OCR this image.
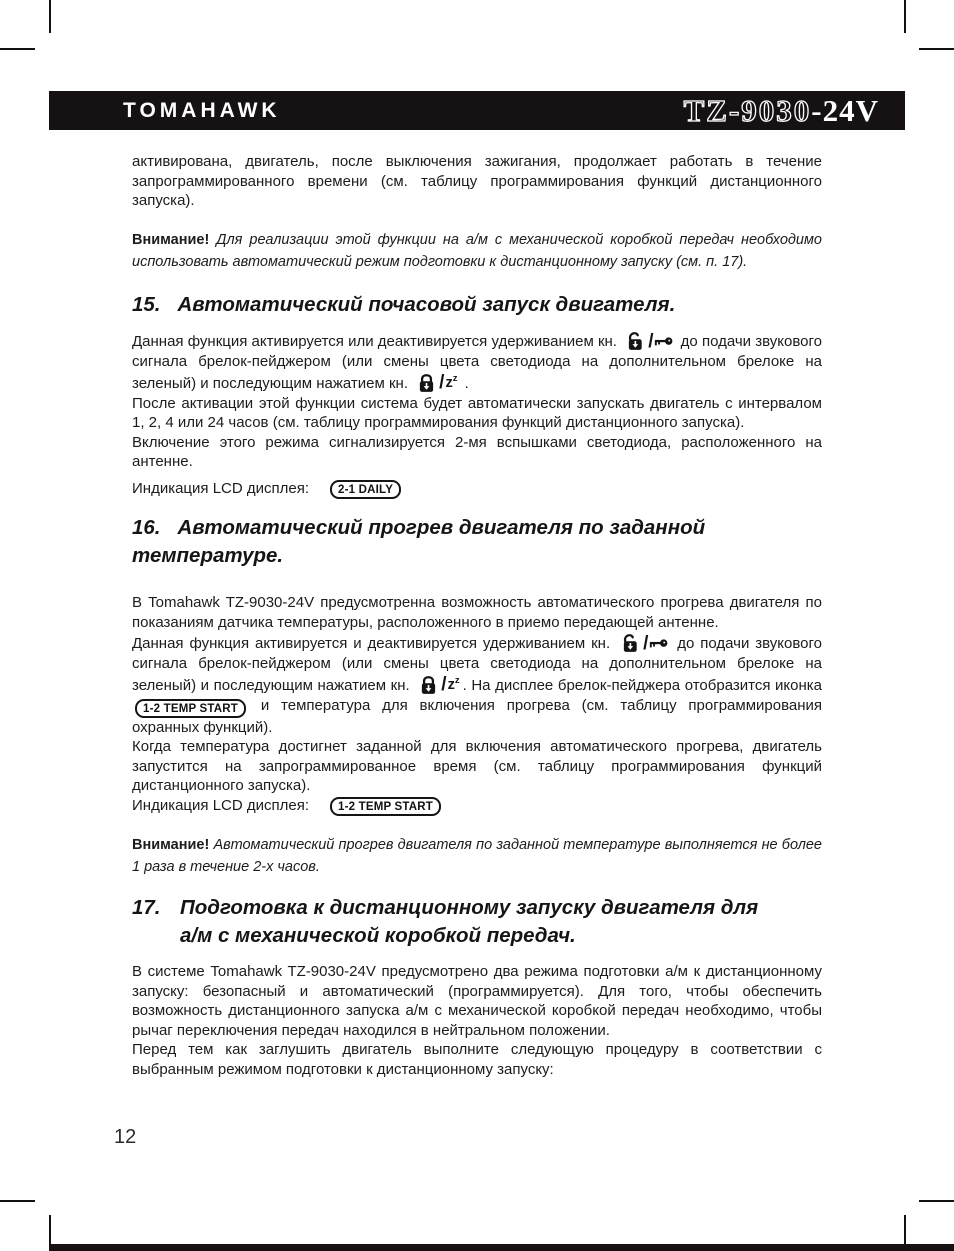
TOMAHAWK	TZ-9030 -24V
активирована, двигатель, после выключения зажигания, продолжает работать в течение запрограммированного времени (см. таблицу программирования функций дистанционного запуска).
Внимание! Для реализации этой функции на а/м с механической коробкой передач необходимо использовать автоматический режим подготовки к дистанционному запуску (см. п. 17).
15. Автоматический почасовой запуск двигателя.

Данная функция активируется или деактивируется удерживанием кн. / до подачи звукового сигнала брелок-пейджером (или смены цвета светодиода на дополнительном брелоке на зеленый) и последующим нажатием кн. / $z^z$ .

После активации этой функции система будет автоматически запускать двигатель с интервалом 1, 2, 4 или 24 часов (см. таблицу программирования функций дистанционного запуска).

Включение этого режима сигнализируется 2-мя вспышками светодиода, расположенного на антенне.

Индикация LCD дисплея:	2-1 DAILY
16. Автоматический прогрев двигателя по заданной
температуре.

В Tomahawk TZ-9030-24V предусмотренна возможность автоматического прогрева двигателя по показаниям датчика температуры, расположенного в приемо передающей антенне.

Данная функция активируется и деактивируется удерживанием кн. / до подачи звукового сигнала брелок-пейджером (или смены цвета светодиода на дополнительном брелоке на зеленый) и последующим нажатием кн. / $z^z$ . На дисплее брелок-пейджера отобразится иконка 1-2 TEMP START и температура для включения прогрева (см. таблицу программирования охранных функций).

Когда температура достигнет заданной для включения автоматического прогрева, двигатель запустится на запрограммированное время (см. таблицу программирования функций дистанционного запуска).

Индикация LCD дисплея:	1-2 TEMP START
Внимание! Автоматический прогрев двигателя по заданной температуре выполняется не более 1 раза в течение 2-х часов.
17. Подготовка к дистанционному запуску двигателя для
а/м с механической коробкой передач.

В системе Tomahawk TZ-9030-24V предусмотрено два режима подготовки а/м к дистанционному запуску: безопасный и автоматический (программируется). Для того, чтобы обеспечить возможность дистанционного запуска а/м с механической коробкой передач необходимо, чтобы рычаг переключения передач находился в нейтральном положении.

Перед тем как заглушить двигатель выполните следующую процедуру в соответствии с выбранным режимом подготовки к дистанционному запуску:

12
